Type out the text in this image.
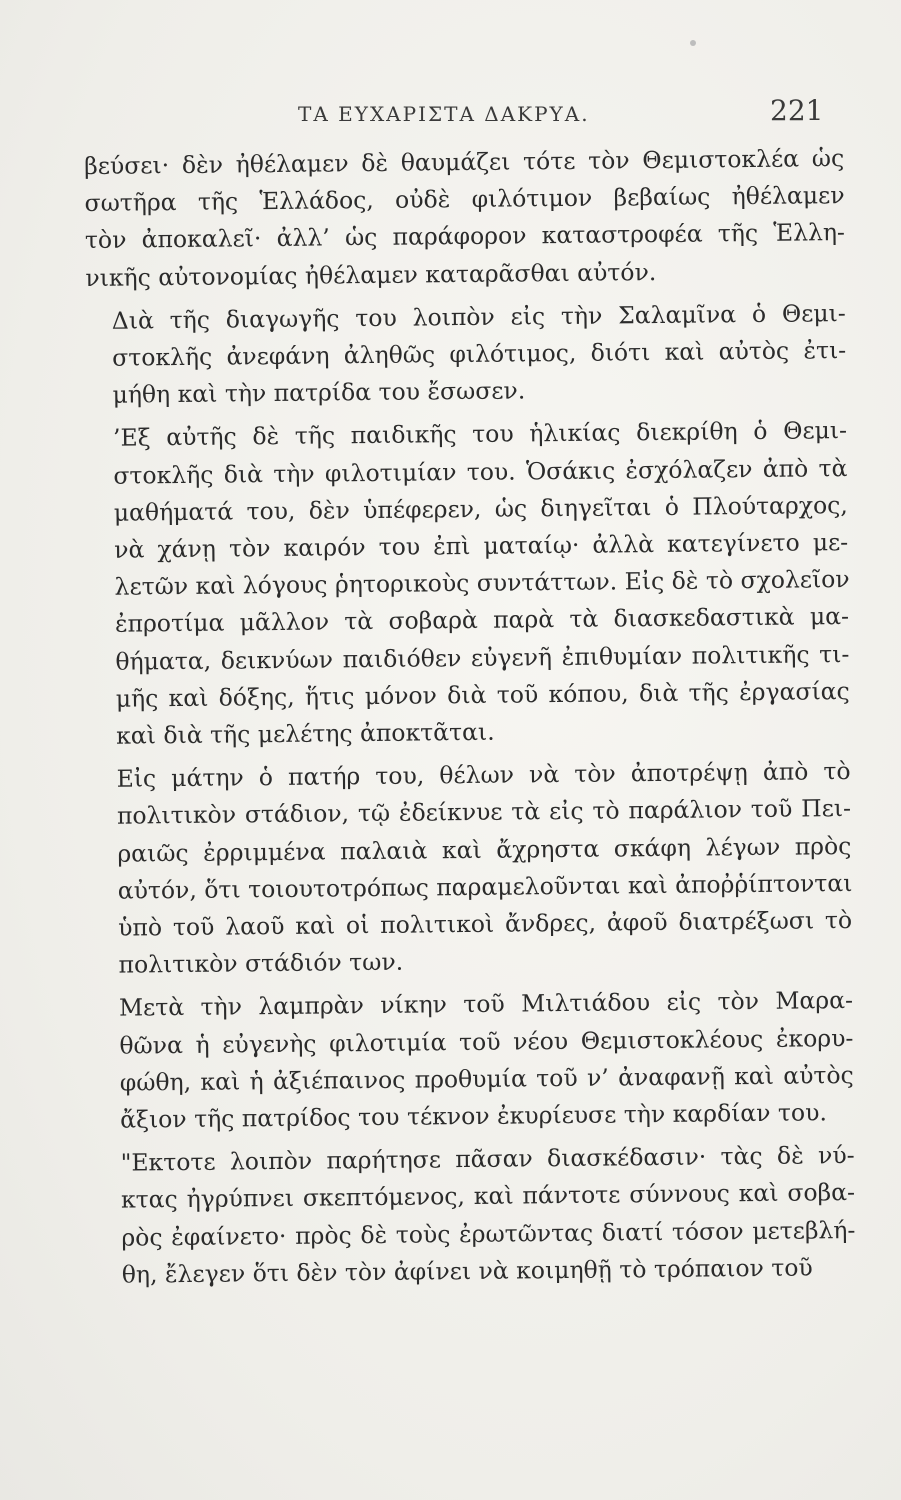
ΤΑ ΕΥΧΑΡΙΣΤΑ ΔΑΚΡΥΑ.	221
βεύσει· δὲν ἠθέλαμεν δὲ θαυμάζει τότε τὸν Θεμιστοκλέα ὡς
σωτῆρα τῆς Ἑλλάδος, οὐδὲ φιλότιμον βεβαίως ἠθέλαμεν
τὸν ἀποκαλεῖ· ἀλλ’ ὡς παράφορον καταστροφέα τῆς Ἑλλη-
νικῆς αὐτονομίας ἠθέλαμεν καταρᾶσθαι αὐτόν.
Διὰ τῆς διαγωγῆς του λοιπὸν εἰς τὴν Σαλαμῖνα ὁ Θεμι-
στοκλῆς ἀνεφάνη ἀληθῶς φιλότιμος, διότι καὶ αὐτὸς ἐτι-
μήθη καὶ τὴν πατρίδα του ἔσωσεν.
’Εξ αὐτῆς δὲ τῆς παιδικῆς του ἡλικίας διεκρίθη ὁ Θεμι-
στοκλῆς διὰ τὴν φιλοτιμίαν του. Ὁσάκις ἐσχόλαζεν ἀπὸ τὰ
μαθήματά του, δὲν ὑπέφερεν, ὡς διηγεῖται ὁ Πλούταρχος,
νὰ χάνῃ τὸν καιρόν του ἐπὶ ματαίῳ· ἀλλὰ κατεγίνετο με-
λετῶν καὶ λόγους ῥητορικοὺς συντάττων. Εἰς δὲ τὸ σχολεῖον
ἐπροτίμα μᾶλλον τὰ σοβαρὰ παρὰ τὰ διασκεδαστικὰ μα-
θήματα, δεικνύων παιδιόθεν εὐγενῆ ἐπιθυμίαν πολιτικῆς τι-
μῆς καὶ δόξης, ἥτις μόνον διὰ τοῦ κόπου, διὰ τῆς ἐργασίας
καὶ διὰ τῆς μελέτης ἀποκτᾶται.
Εἰς μάτην ὁ πατήρ του, θέλων νὰ τὸν ἀποτρέψῃ ἀπὸ τὸ
πολιτικὸν στάδιον, τῷ ἐδείκνυε τὰ εἰς τὸ παράλιον τοῦ Πει-
ραιῶς ἐρριμμένα παλαιὰ καὶ ἄχρηστα σκάφη λέγων πρὸς
αὐτόν, ὅτι τοιουτοτρόπως παραμελοῦνται καὶ ἀποῤῥίπτονται
ὑπὸ τοῦ λαοῦ καὶ οἱ πολιτικοὶ ἄνδρες, ἀφοῦ διατρέξωσι τὸ
πολιτικὸν στάδιόν των.
Μετὰ τὴν λαμπρὰν νίκην τοῦ Μιλτιάδου εἰς τὸν Μαρα-
θῶνα ἡ εὐγενὴς φιλοτιμία τοῦ νέου Θεμιστοκλέους ἐκορυ-
φώθη, καὶ ἡ ἀξιέπαινος προθυμία τοῦ ν’ ἀναφανῇ καὶ αὐτὸς
ἄξιον τῆς πατρίδος του τέκνον ἐκυρίευσε τὴν καρδίαν του.
"Εκτοτε λοιπὸν παρήτησε πᾶσαν διασκέδασιν· τὰς δὲ νύ-
κτας ἠγρύπνει σκεπτόμενος, καὶ πάντοτε σύννους καὶ σοβα-
ρὸς ἐφαίνετο· πρὸς δὲ τοὺς ἐρωτῶντας διατί τόσον μετεβλή-
θη, ἔλεγεν ὅτι δὲν τὸν ἀφίνει νὰ κοιμηθῇ τὸ τρόπαιον τοῦ
